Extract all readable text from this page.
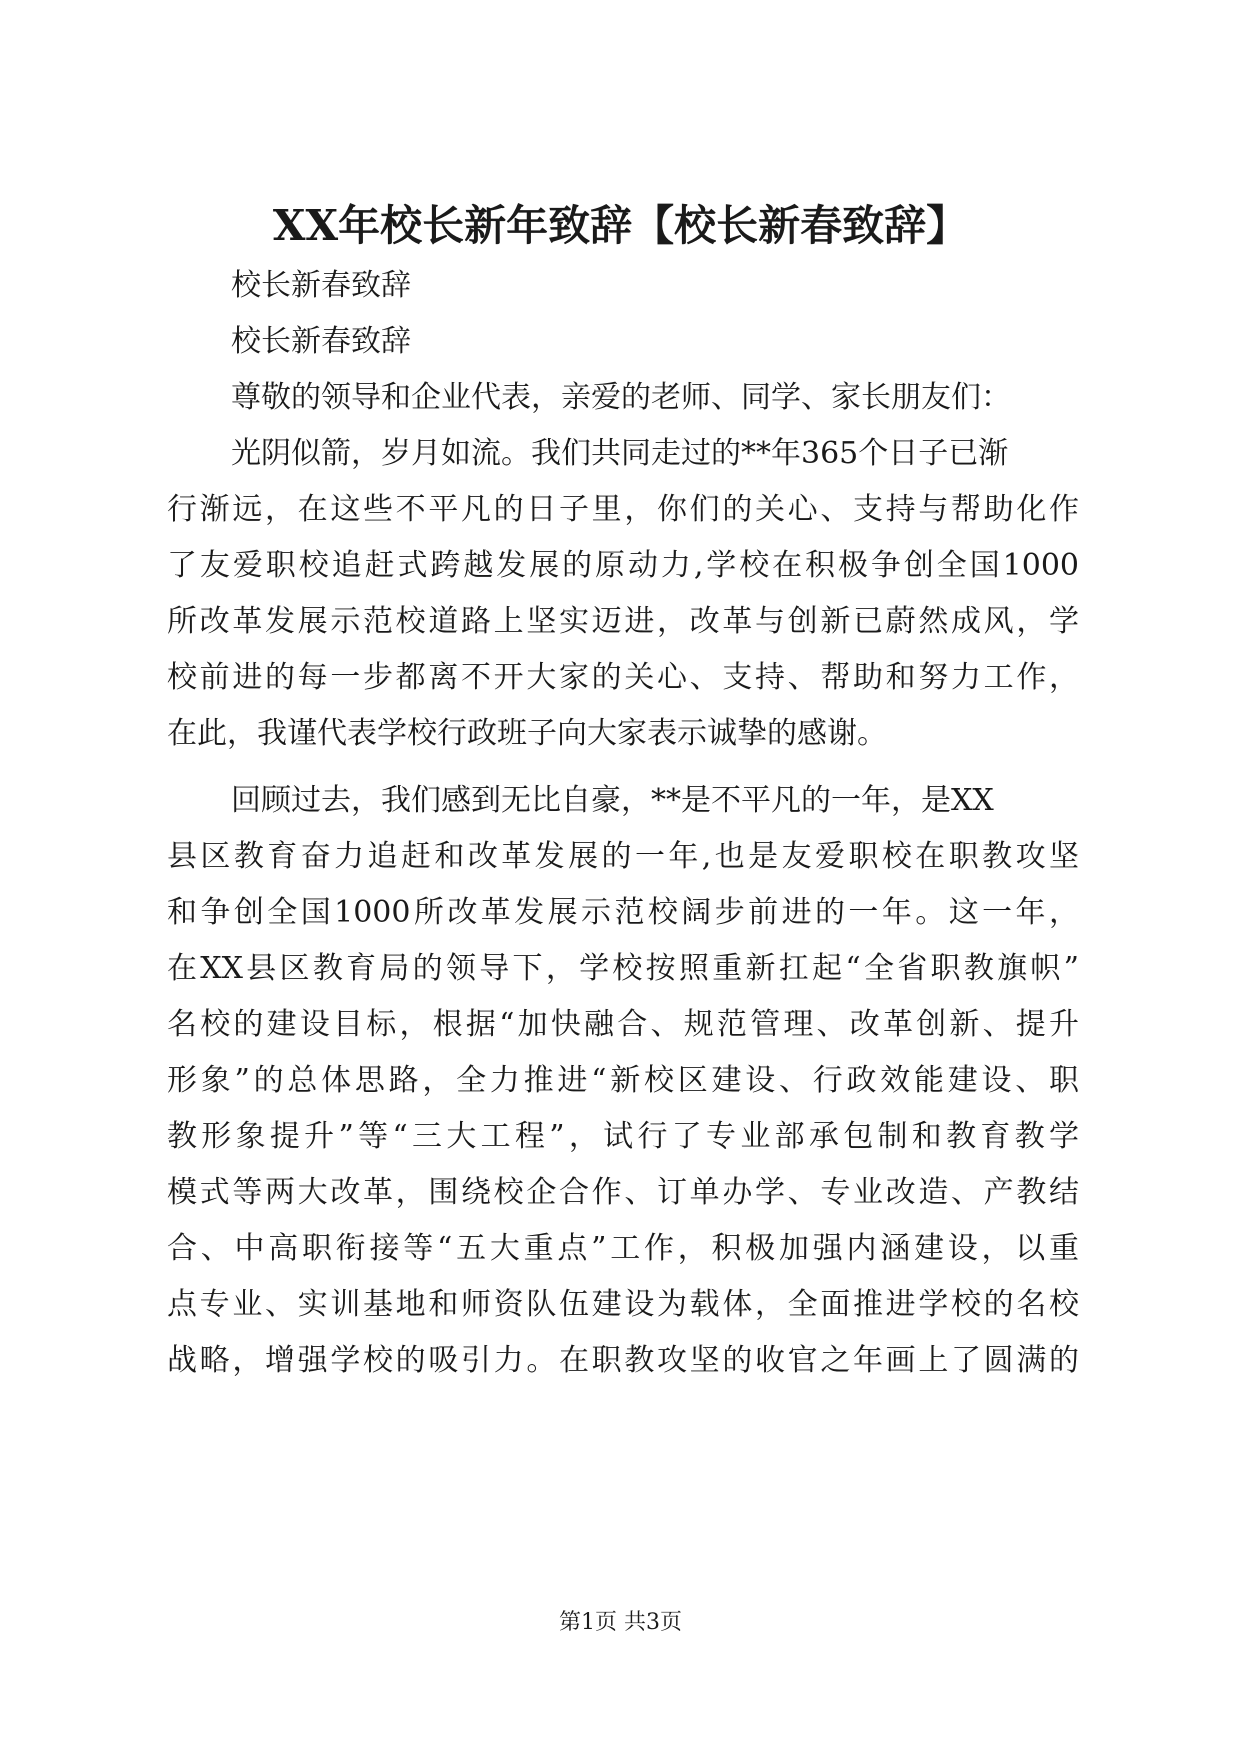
XX年校长新年致辞【校长新春致辞】

校长新春致辞

校长新春致辞

尊敬的领导和企业代表，亲爱的老师、同学、家长朋友们：

光阴似箭，岁月如流。我们共同走过的**年365个日子已渐

行渐远，在这些不平凡的日子里，你们的关心、支持与帮助化作

了友爱职校追赶式跨越发展的原动力,学校在积极争创全国1000

所改革发展示范校道路上坚实迈进，改革与创新已蔚然成风，学

校前进的每一步都离不开大家的关心、支持、帮助和努力工作，

在此，我谨代表学校行政班子向大家表示诚挚的感谢。

回顾过去，我们感到无比自豪，**是不平凡的一年，是XX

县区教育奋力追赶和改革发展的一年,也是友爱职校在职教攻坚

和争创全国1000所改革发展示范校阔步前进的一年。这一年，

在XX县区教育局的领导下，学校按照重新扛起“全省职教旗帜”

名校的建设目标，根据“加快融合、规范管理、改革创新、提升

形象”的总体思路，全力推进“新校区建设、行政效能建设、职

教形象提升”等“三大工程”，试行了专业部承包制和教育教学

模式等两大改革，围绕校企合作、订单办学、专业改造、产教结

合、中高职衔接等“五大重点”工作，积极加强内涵建设，以重

点专业、实训基地和师资队伍建设为载体，全面推进学校的名校

战略，增强学校的吸引力。在职教攻坚的收官之年画上了圆满的

第1页 共3页
